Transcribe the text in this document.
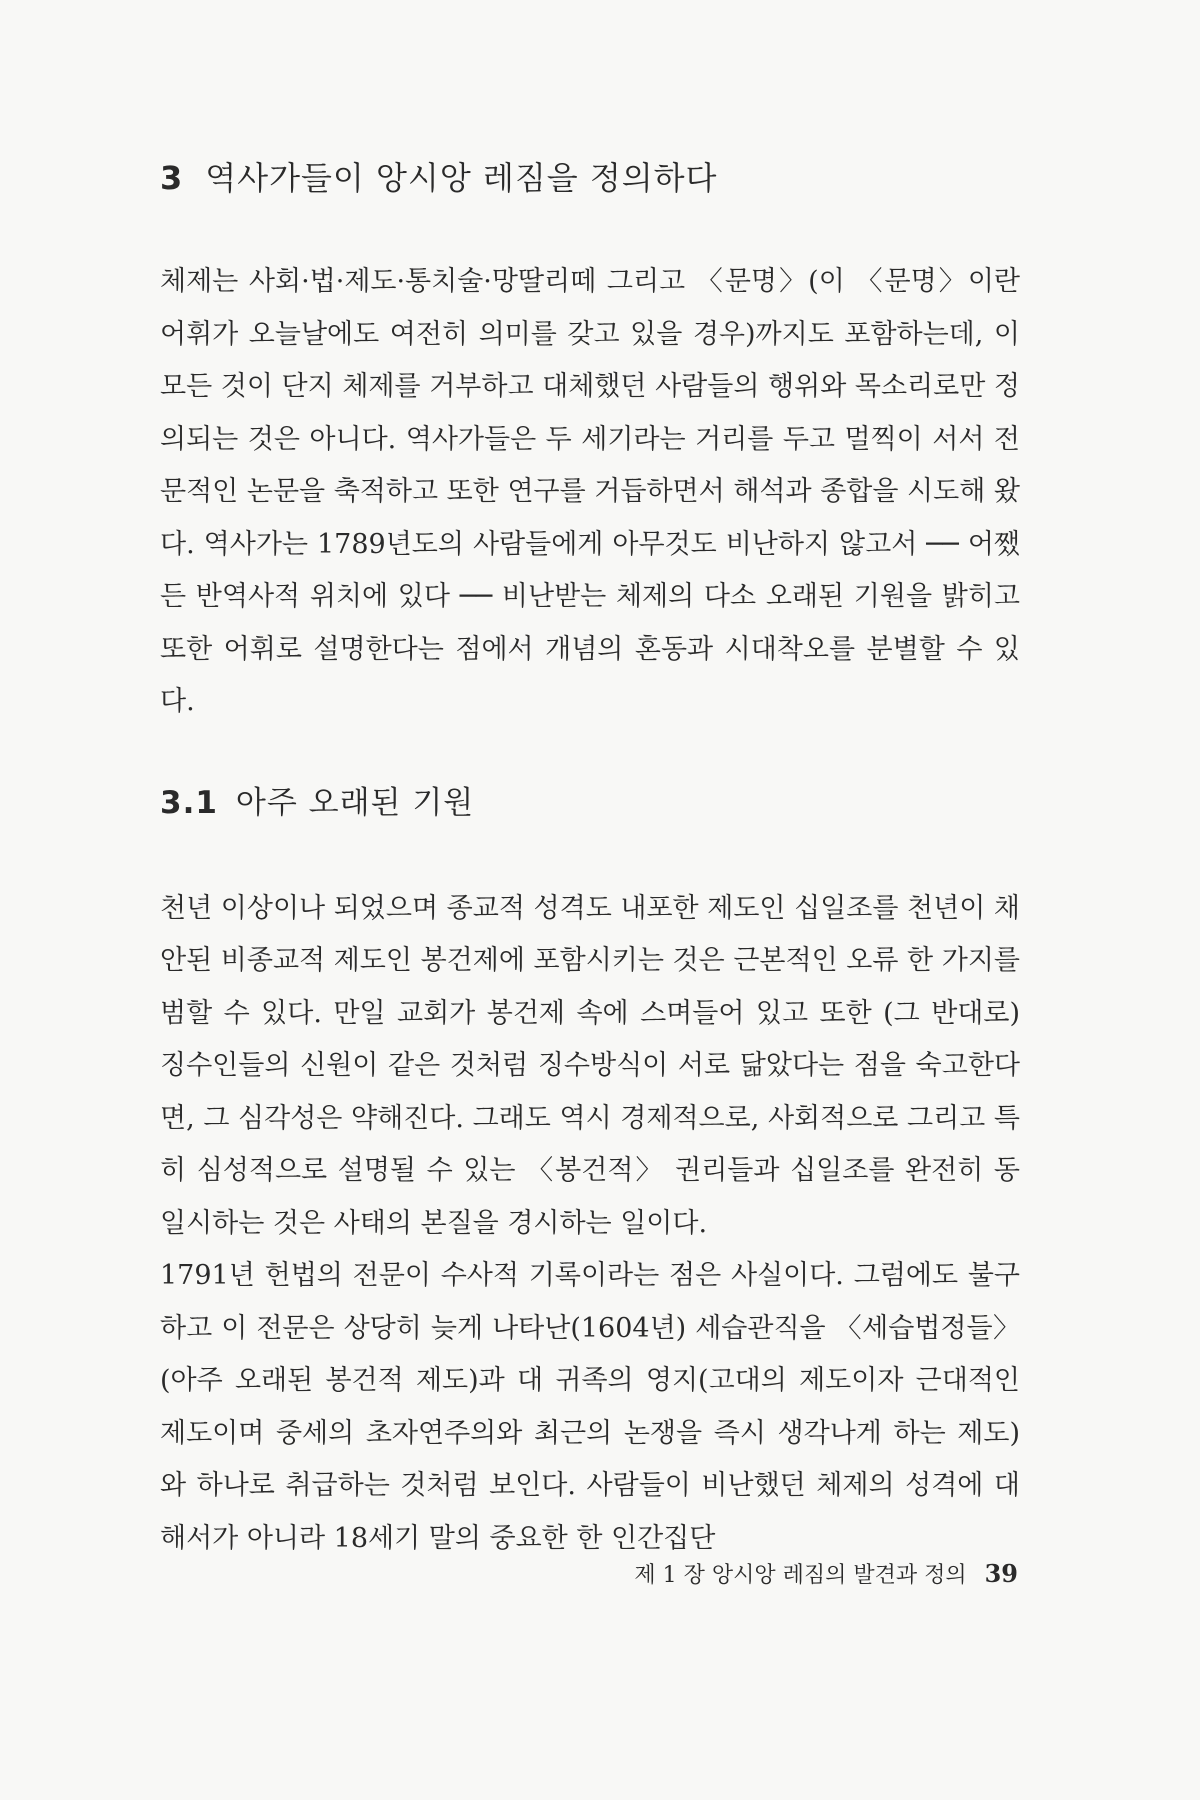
3 역사가들이 앙시앙 레짐을 정의하다

체제는 사회·법·제도·통치술·망딸리떼 그리고 〈문명〉(이 〈문명〉이란 어휘가 오늘날에도 여전히 의미를 갖고 있을 경우)까지도 포함하는데, 이 모든 것이 단지 체제를 거부하고 대체했던 사람들의 행위와 목소리로만 정의되는 것은 아니다. 역사가들은 두 세기라는 거리를 두고 멀찍이 서서 전문적인 논문을 축적하고 또한 연구를 거듭하면서 해석과 종합을 시도해 왔다. 역사가는 1789년도의 사람들에게 아무것도 비난하지 않고서 ── 어쨌든 반역사적 위치에 있다 ── 비난받는 체제의 다소 오래된 기원을 밝히고 또한 어휘로 설명한다는 점에서 개념의 혼동과 시대착오를 분별할 수 있다.

3.1 아주 오래된 기원

천년 이상이나 되었으며 종교적 성격도 내포한 제도인 십일조를 천년이 채 안된 비종교적 제도인 봉건제에 포함시키는 것은 근본적인 오류 한 가지를 범할 수 있다. 만일 교회가 봉건제 속에 스며들어 있고 또한 (그 반대로) 징수인들의 신원이 같은 것처럼 징수방식이 서로 닮았다는 점을 숙고한다면, 그 심각성은 약해진다. 그래도 역시 경제적으로, 사회적으로 그리고 특히 심성적으로 설명될 수 있는 〈봉건적〉 권리들과 십일조를 완전히 동일시하는 것은 사태의 본질을 경시하는 일이다.

1791년 헌법의 전문이 수사적 기록이라는 점은 사실이다. 그럼에도 불구하고 이 전문은 상당히 늦게 나타난(1604년) 세습관직을 〈세습법정들〉(아주 오래된 봉건적 제도)과 대 귀족의 영지(고대의 제도이자 근대적인 제도이며 중세의 초자연주의와 최근의 논쟁을 즉시 생각나게 하는 제도)와 하나로 취급하는 것처럼 보인다. 사람들이 비난했던 체제의 성격에 대해서가 아니라 18세기 말의 중요한 한 인간집단

제 1 장 앙시앙 레짐의 발견과 정의 39
